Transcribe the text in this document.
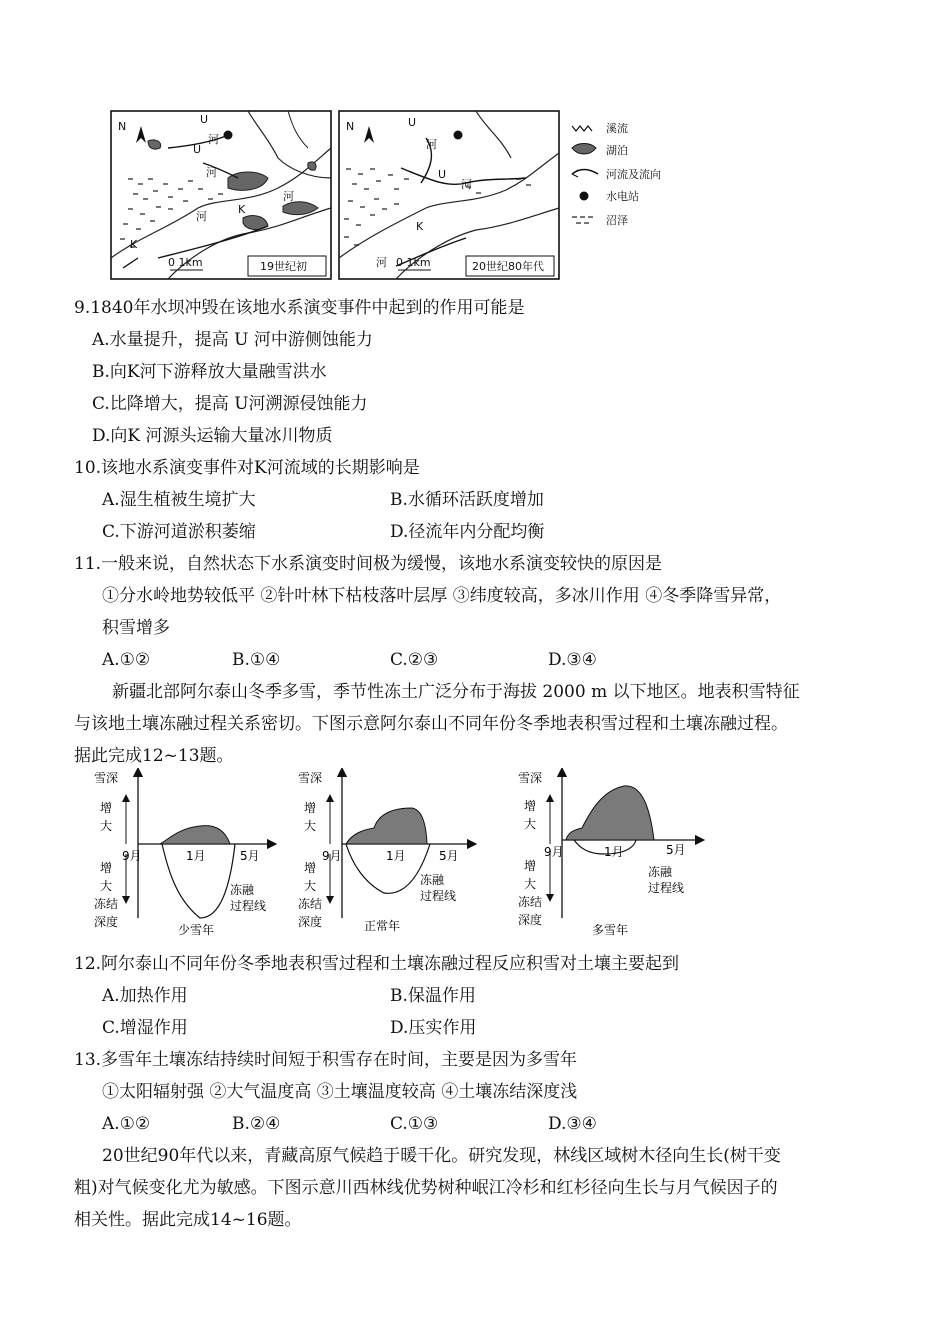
N
U
河
U
河
河
K
河
K
0 1km	19世纪初
N	U
河
U
河
K
河 0 1km	20世纪80年代
溪流
湖泊
河流及流向
水电站
沼泽
9.1840年水坝冲毁在该地水系演变事件中起到的作用可能是
A.水量提升，提高 U 河中游侧蚀能力
B.向K河下游释放大量融雪洪水
C.比降增大，提高 U河溯源侵蚀能力
D.向K 河源头运输大量冰川物质
10.该地水系演变事件对K河流域的长期影响是
A.湿生植被生境扩大	B.水循环活跃度增加
C.下游河道淤积萎缩	D.径流年内分配均衡
11.一般来说，自然状态下水系演变时间极为缓慢，该地水系演变较快的原因是
①分水岭地势较低平 ②针叶林下枯枝落叶层厚 ③纬度较高，多冰川作用 ④冬季降雪异常，
积雪增多
A.①②	B.①④	C.②③	D.③④
新疆北部阿尔泰山冬季多雪，季节性冻土广泛分布于海拔 2000 m 以下地区。地表积雪特征
与该地土壤冻融过程关系密切。下图示意阿尔泰山不同年份冬季地表积雪过程和土壤冻融过程。
据此完成12~13题。
雪深
增
大
增
大
冻结
深度
9月	1月	5月
冻融
过程线
少雪年
雪深
增
大
增
大
冻结
深度
9月	1月	5月
冻融
过程线
正常年
雪深
增
大
增
大
冻结
深度
9月	1月	5月
冻融
过程线
多雪年
12.阿尔泰山不同年份冬季地表积雪过程和土壤冻融过程反应积雪对土壤主要起到
A.加热作用	B.保温作用
C.增湿作用	D.压实作用
13.多雪年土壤冻结持续时间短于积雪存在时间，主要是因为多雪年
①太阳辐射强 ②大气温度高 ③土壤温度较高 ④土壤冻结深度浅
A.①②	B.②④	C.①③	D.③④
20世纪90年代以来，青藏高原气候趋于暖干化。研究发现，林线区域树木径向生长(树干变
粗)对气候变化尤为敏感。下图示意川西林线优势树种岷江冷杉和红杉径向生长与月气候因子的
相关性。据此完成14~16题。
